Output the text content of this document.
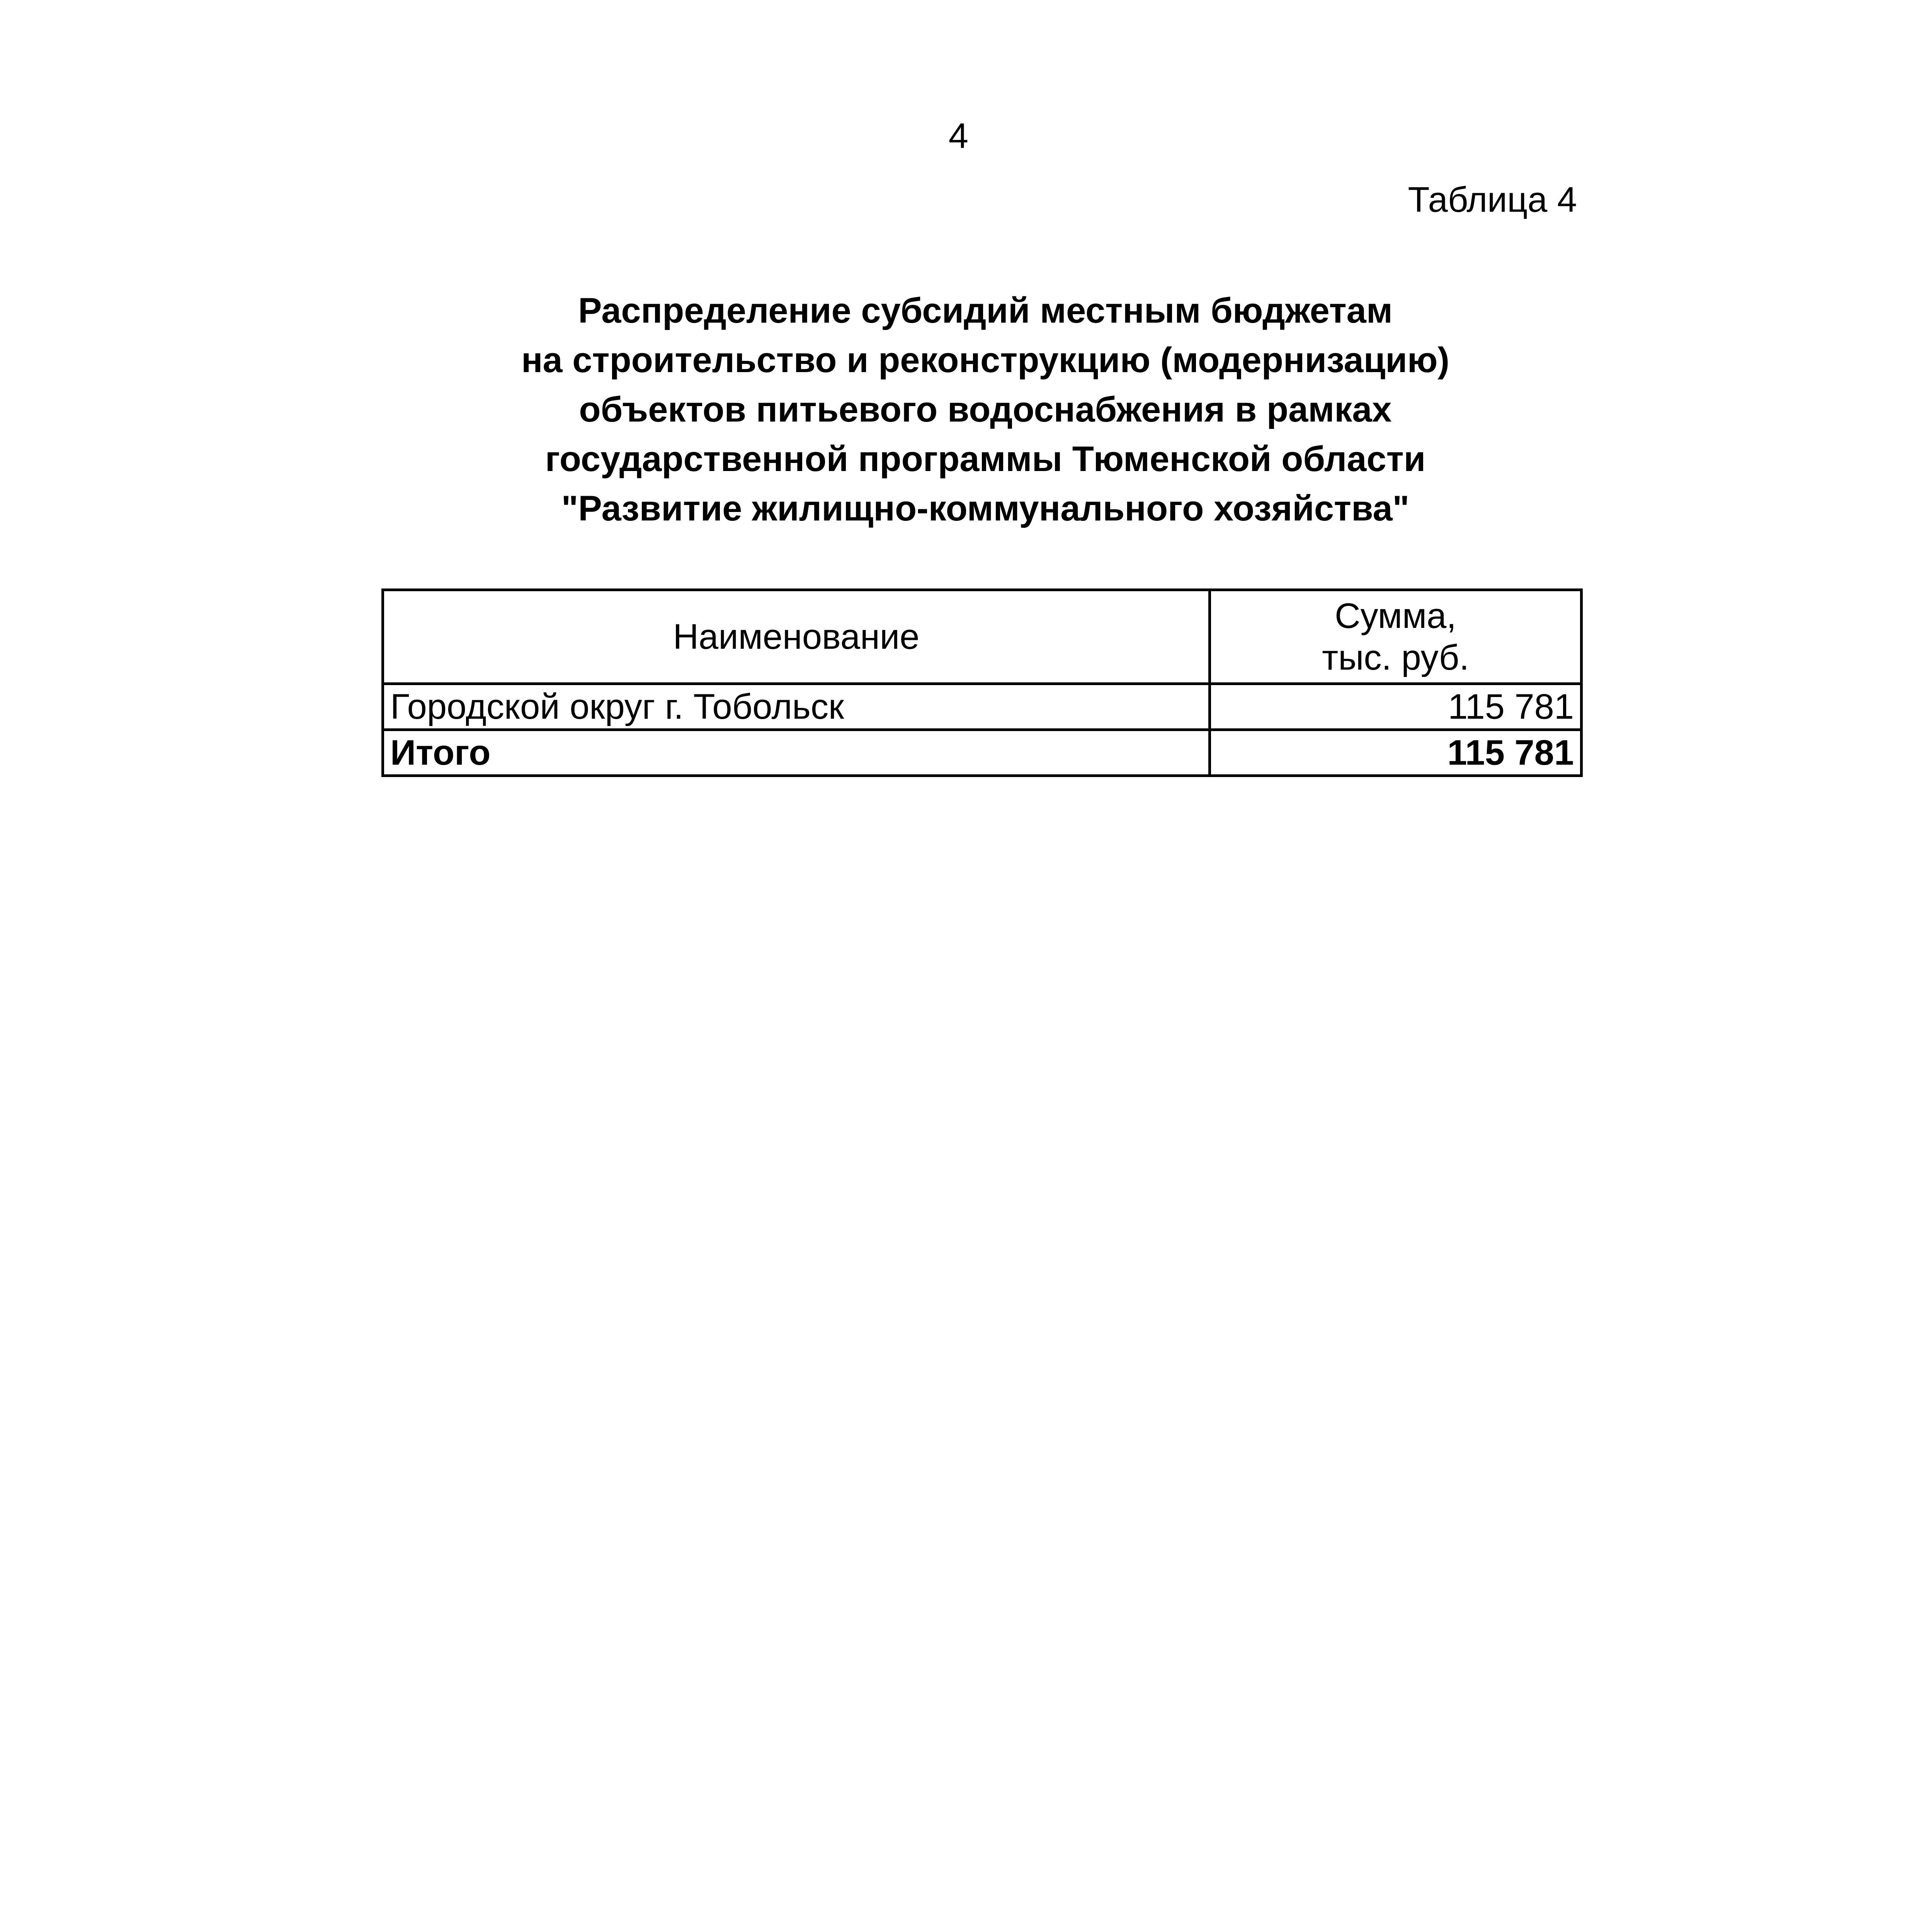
4
Таблица 4
Распределение субсидий местным бюджетам
на строительство и реконструкцию (модернизацию)
объектов питьевого водоснабжения в рамках
государственной программы Тюменской области
"Развитие жилищно-коммунального хозяйства"
Наименование	Сумма,
тыс. руб.

Городской округ г. Тобольск	115 781
Итого	115 781
